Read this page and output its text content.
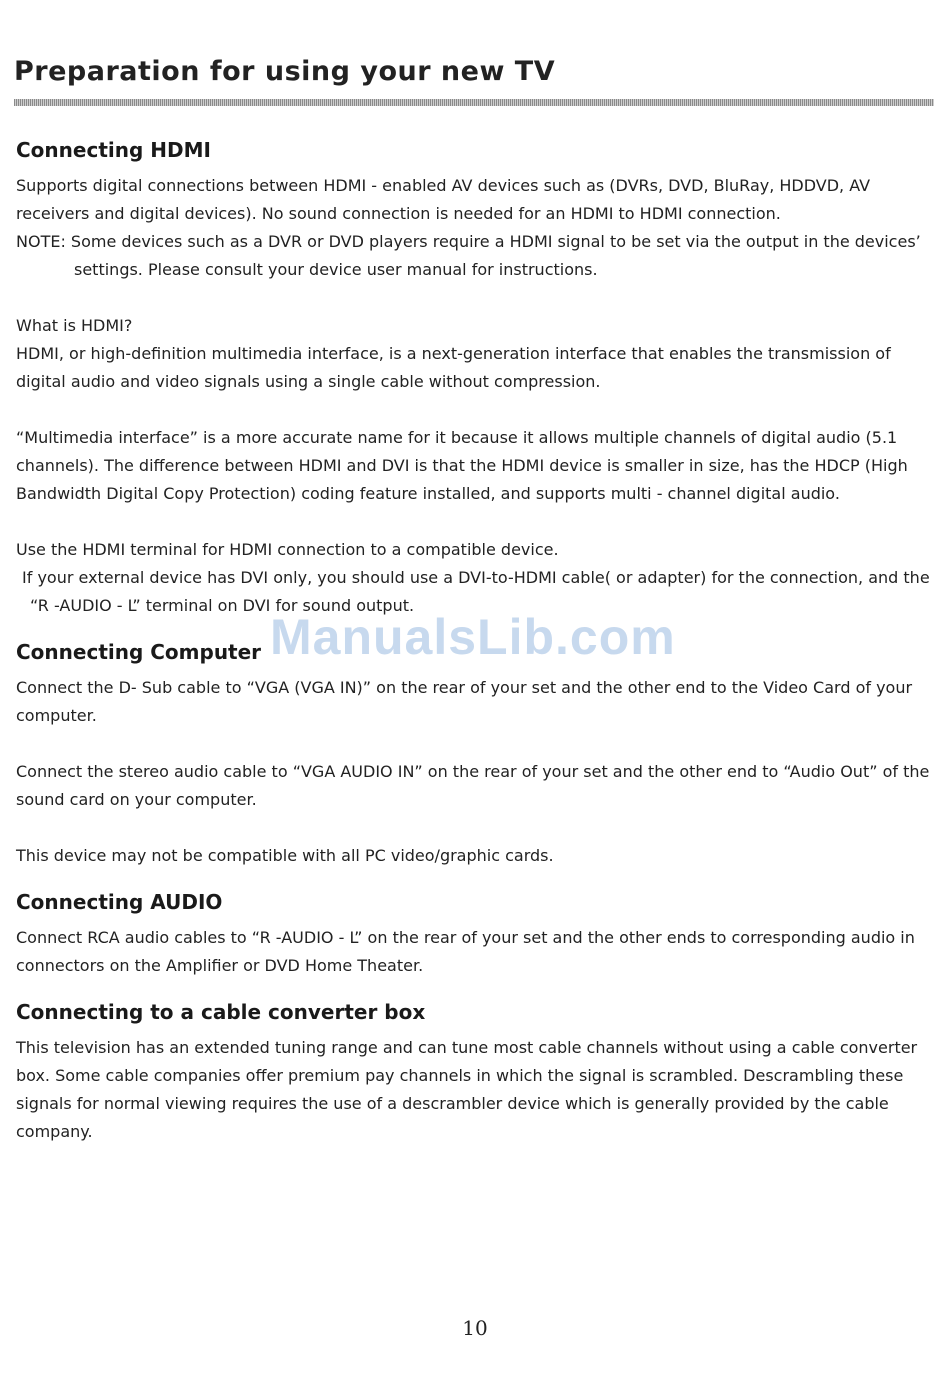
Preparation for using your new TV
ManualsLib.com
Connecting HDMI

Supports digital connections between HDMI - enabled AV devices such as (DVRs, DVD, BluRay, HDDVD, AV receivers and digital devices). No sound connection is needed for an HDMI to HDMI connection.

NOTE: Some devices such as a DVR or DVD players require a HDMI signal to be set via the output in the devices’ settings. Please consult your device user manual for instructions.

What is HDMI?

HDMI, or high-definition multimedia interface, is a next-generation interface that enables the transmission of digital audio and video signals using a single cable without compression.

“Multimedia interface” is a more accurate name for it because it allows multiple channels of digital audio (5.1 channels). The difference between HDMI and DVI is that the HDMI device is smaller in size, has the HDCP (High Bandwidth Digital Copy Protection) coding feature installed, and supports multi - channel digital audio.

Use the HDMI terminal for HDMI connection to a compatible device.

If your external device has DVI only, you should use a DVI-to-HDMI cable( or adapter) for the connection, and the

“R -AUDIO - L” terminal on DVI for sound output.

Connecting Computer

Connect the D- Sub cable to “VGA (VGA IN)” on the rear of your set and the other end to the Video Card of your computer.

Connect the stereo audio cable to “VGA AUDIO IN” on the rear of your set and the other end to “Audio Out” of the sound card on your computer.

This device may not be compatible with all PC video/graphic cards.

Connecting AUDIO

Connect RCA audio cables to “R -AUDIO - L” on the rear of your set and the other ends to corresponding audio in connectors on the Amplifier or DVD Home Theater.

Connecting to a cable converter box

This television has an extended tuning range and can tune most cable channels without using a cable converter box. Some cable companies offer premium pay channels in which the signal is scrambled. Descrambling these signals for normal viewing requires the use of a descrambler device which is generally provided by the cable company.

10
